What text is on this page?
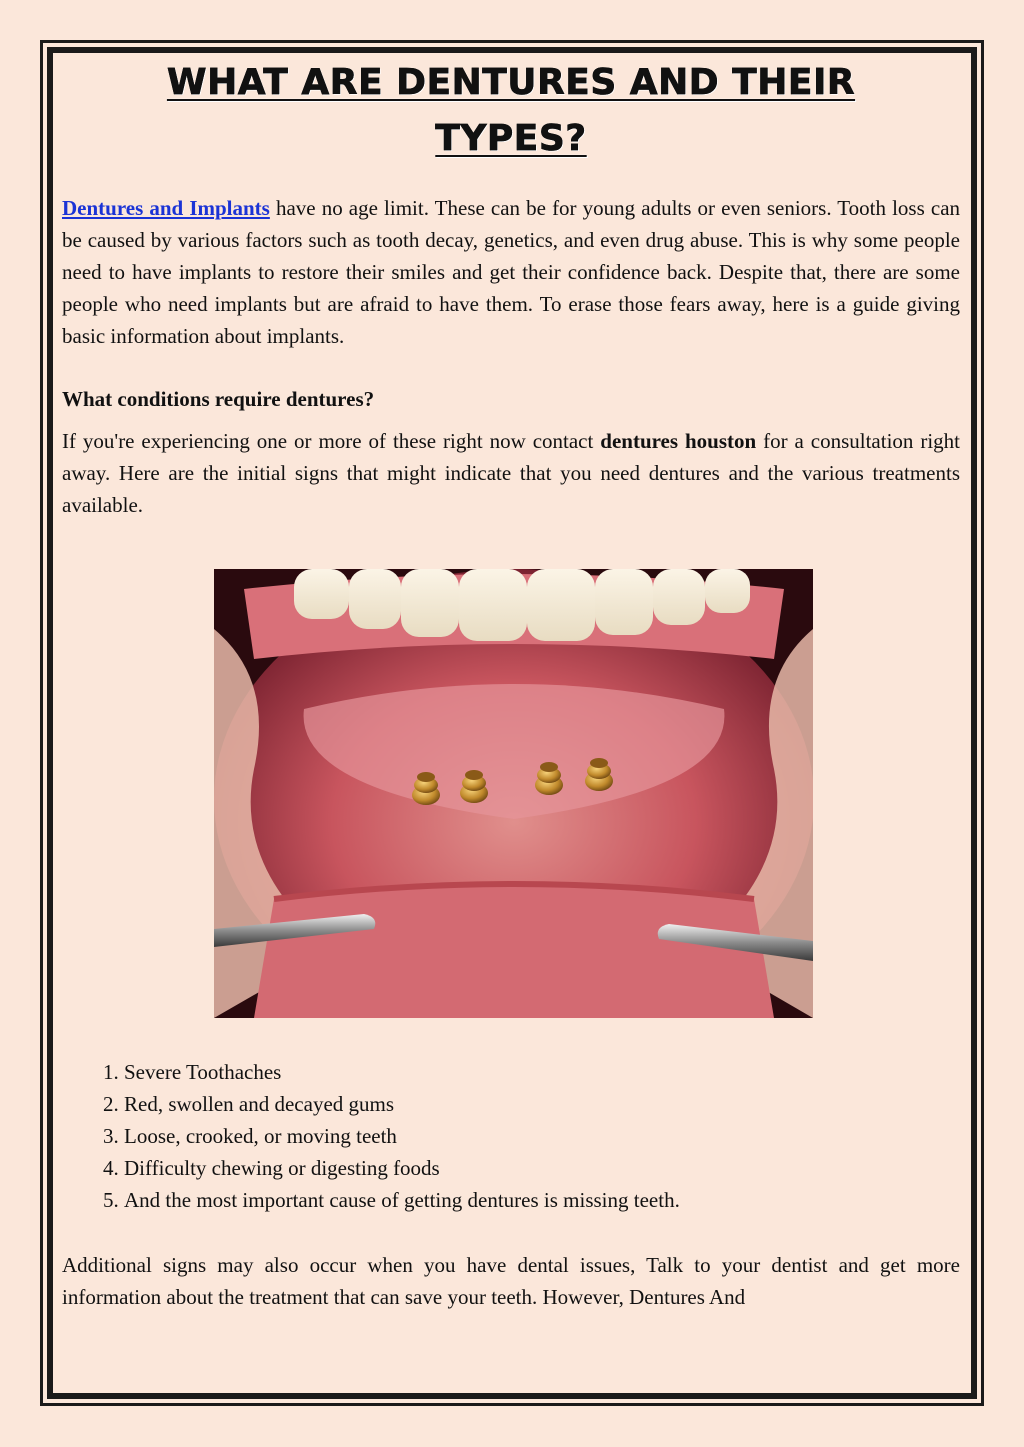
WHAT ARE DENTURES AND THEIR
TYPES?

Dentures and Implants have no age limit. These can be for young adults or even seniors. Tooth loss can be caused by various factors such as tooth decay, genetics, and even drug abuse. This is why some people need to have implants to restore their smiles and get their confidence back. Despite that, there are some people who need implants but are afraid to have them. To erase those fears away, here is a guide giving basic information about implants.

What conditions require dentures?

If you're experiencing one or more of these right now contact dentures houston for a consultation right away. Here are the initial signs that might indicate that you need dentures and the various treatments available.

1. Severe Toothaches
2. Red, swollen and decayed gums
3. Loose, crooked, or moving teeth
4. Difficulty chewing or digesting foods
5. And the most important cause of getting dentures is missing teeth.

Additional signs may also occur when you have dental issues, Talk to your dentist and get more information about the treatment that can save your teeth. However, Dentures And
